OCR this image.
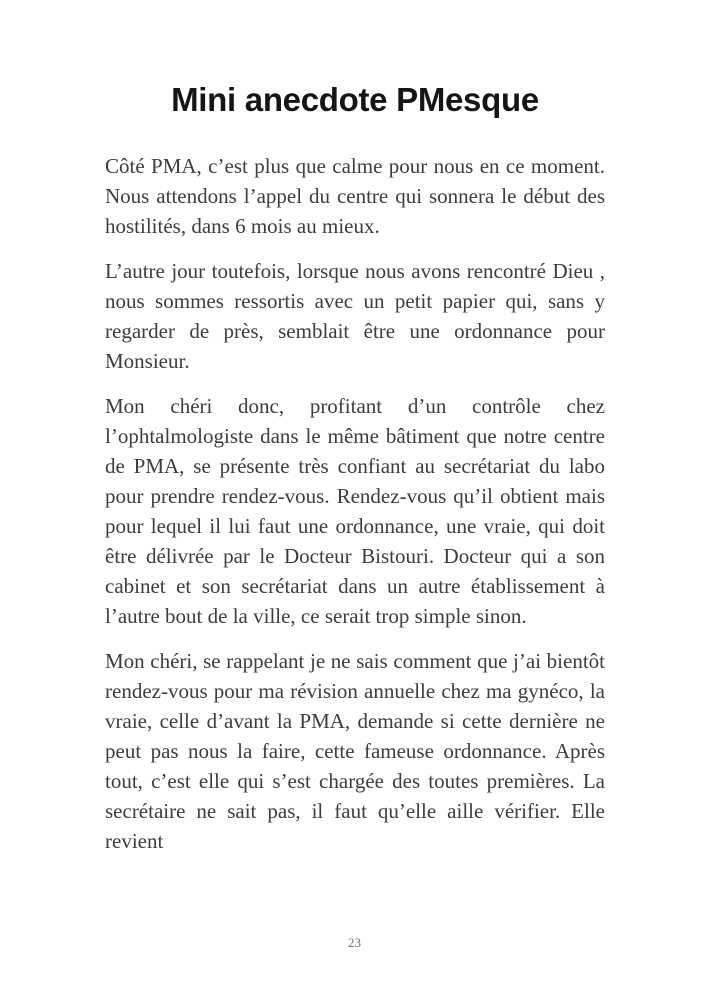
Mini anecdote PMesque

Côté PMA, c’est plus que calme pour nous en ce moment. Nous attendons l’appel du centre qui sonnera le début des hostilités, dans 6 mois au mieux.

L’autre jour toutefois, lorsque nous avons rencontré Dieu , nous sommes ressortis avec un petit papier qui, sans y regarder de près, semblait être une ordonnance pour Monsieur.

Mon chéri donc, profitant d’un contrôle chez l’ophtalmologiste dans le même bâtiment que notre centre de PMA, se présente très confiant au secrétariat du labo pour prendre rendez-vous. Rendez-vous qu’il obtient mais pour lequel il lui faut une ordonnance, une vraie, qui doit être délivrée par le Docteur Bistouri. Docteur qui a son cabinet et son secrétariat dans un autre établissement à l’autre bout de la ville, ce serait trop simple sinon.

Mon chéri, se rappelant je ne sais comment que j’ai bientôt rendez-vous pour ma révision annuelle chez ma gynéco, la vraie, celle d’avant la PMA, demande si cette dernière ne peut pas nous la faire, cette fameuse ordonnance. Après tout, c’est elle qui s’est chargée des toutes premières. La secrétaire ne sait pas, il faut qu’elle aille vérifier. Elle revient

23
